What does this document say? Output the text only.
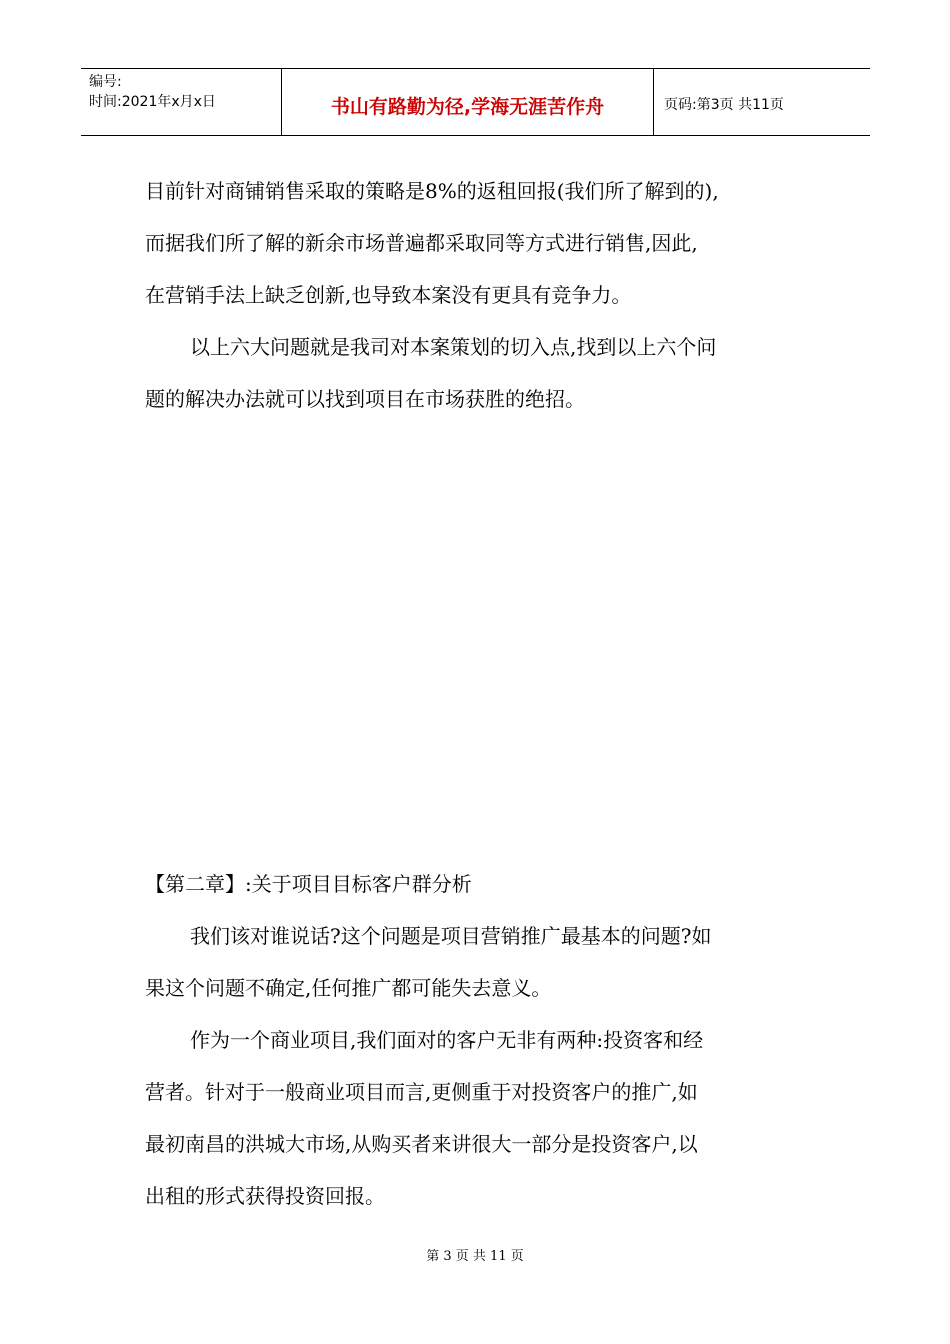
编号:
时间:2021年x月x日	书山有路勤为径,学海无涯苦作舟	页码:第3页 共11页
目前针对商铺销售采取的策略是8%的返租回报(我们所了解到的),
而据我们所了解的新余市场普遍都采取同等方式进行销售,因此,
在营销手法上缺乏创新,也导致本案没有更具有竞争力。
以上六大问题就是我司对本案策划的切入点,找到以上六个问
题的解决办法就可以找到项目在市场获胜的绝招。
【第二章】:关于项目目标客户群分析
我们该对谁说话?这个问题是项目营销推广最基本的问题?如
果这个问题不确定,任何推广都可能失去意义。
作为一个商业项目,我们面对的客户无非有两种:投资客和经
营者。针对于一般商业项目而言,更侧重于对投资客户的推广,如
最初南昌的洪城大市场,从购买者来讲很大一部分是投资客户,以
出租的形式获得投资回报。
第 3 页 共 11 页
